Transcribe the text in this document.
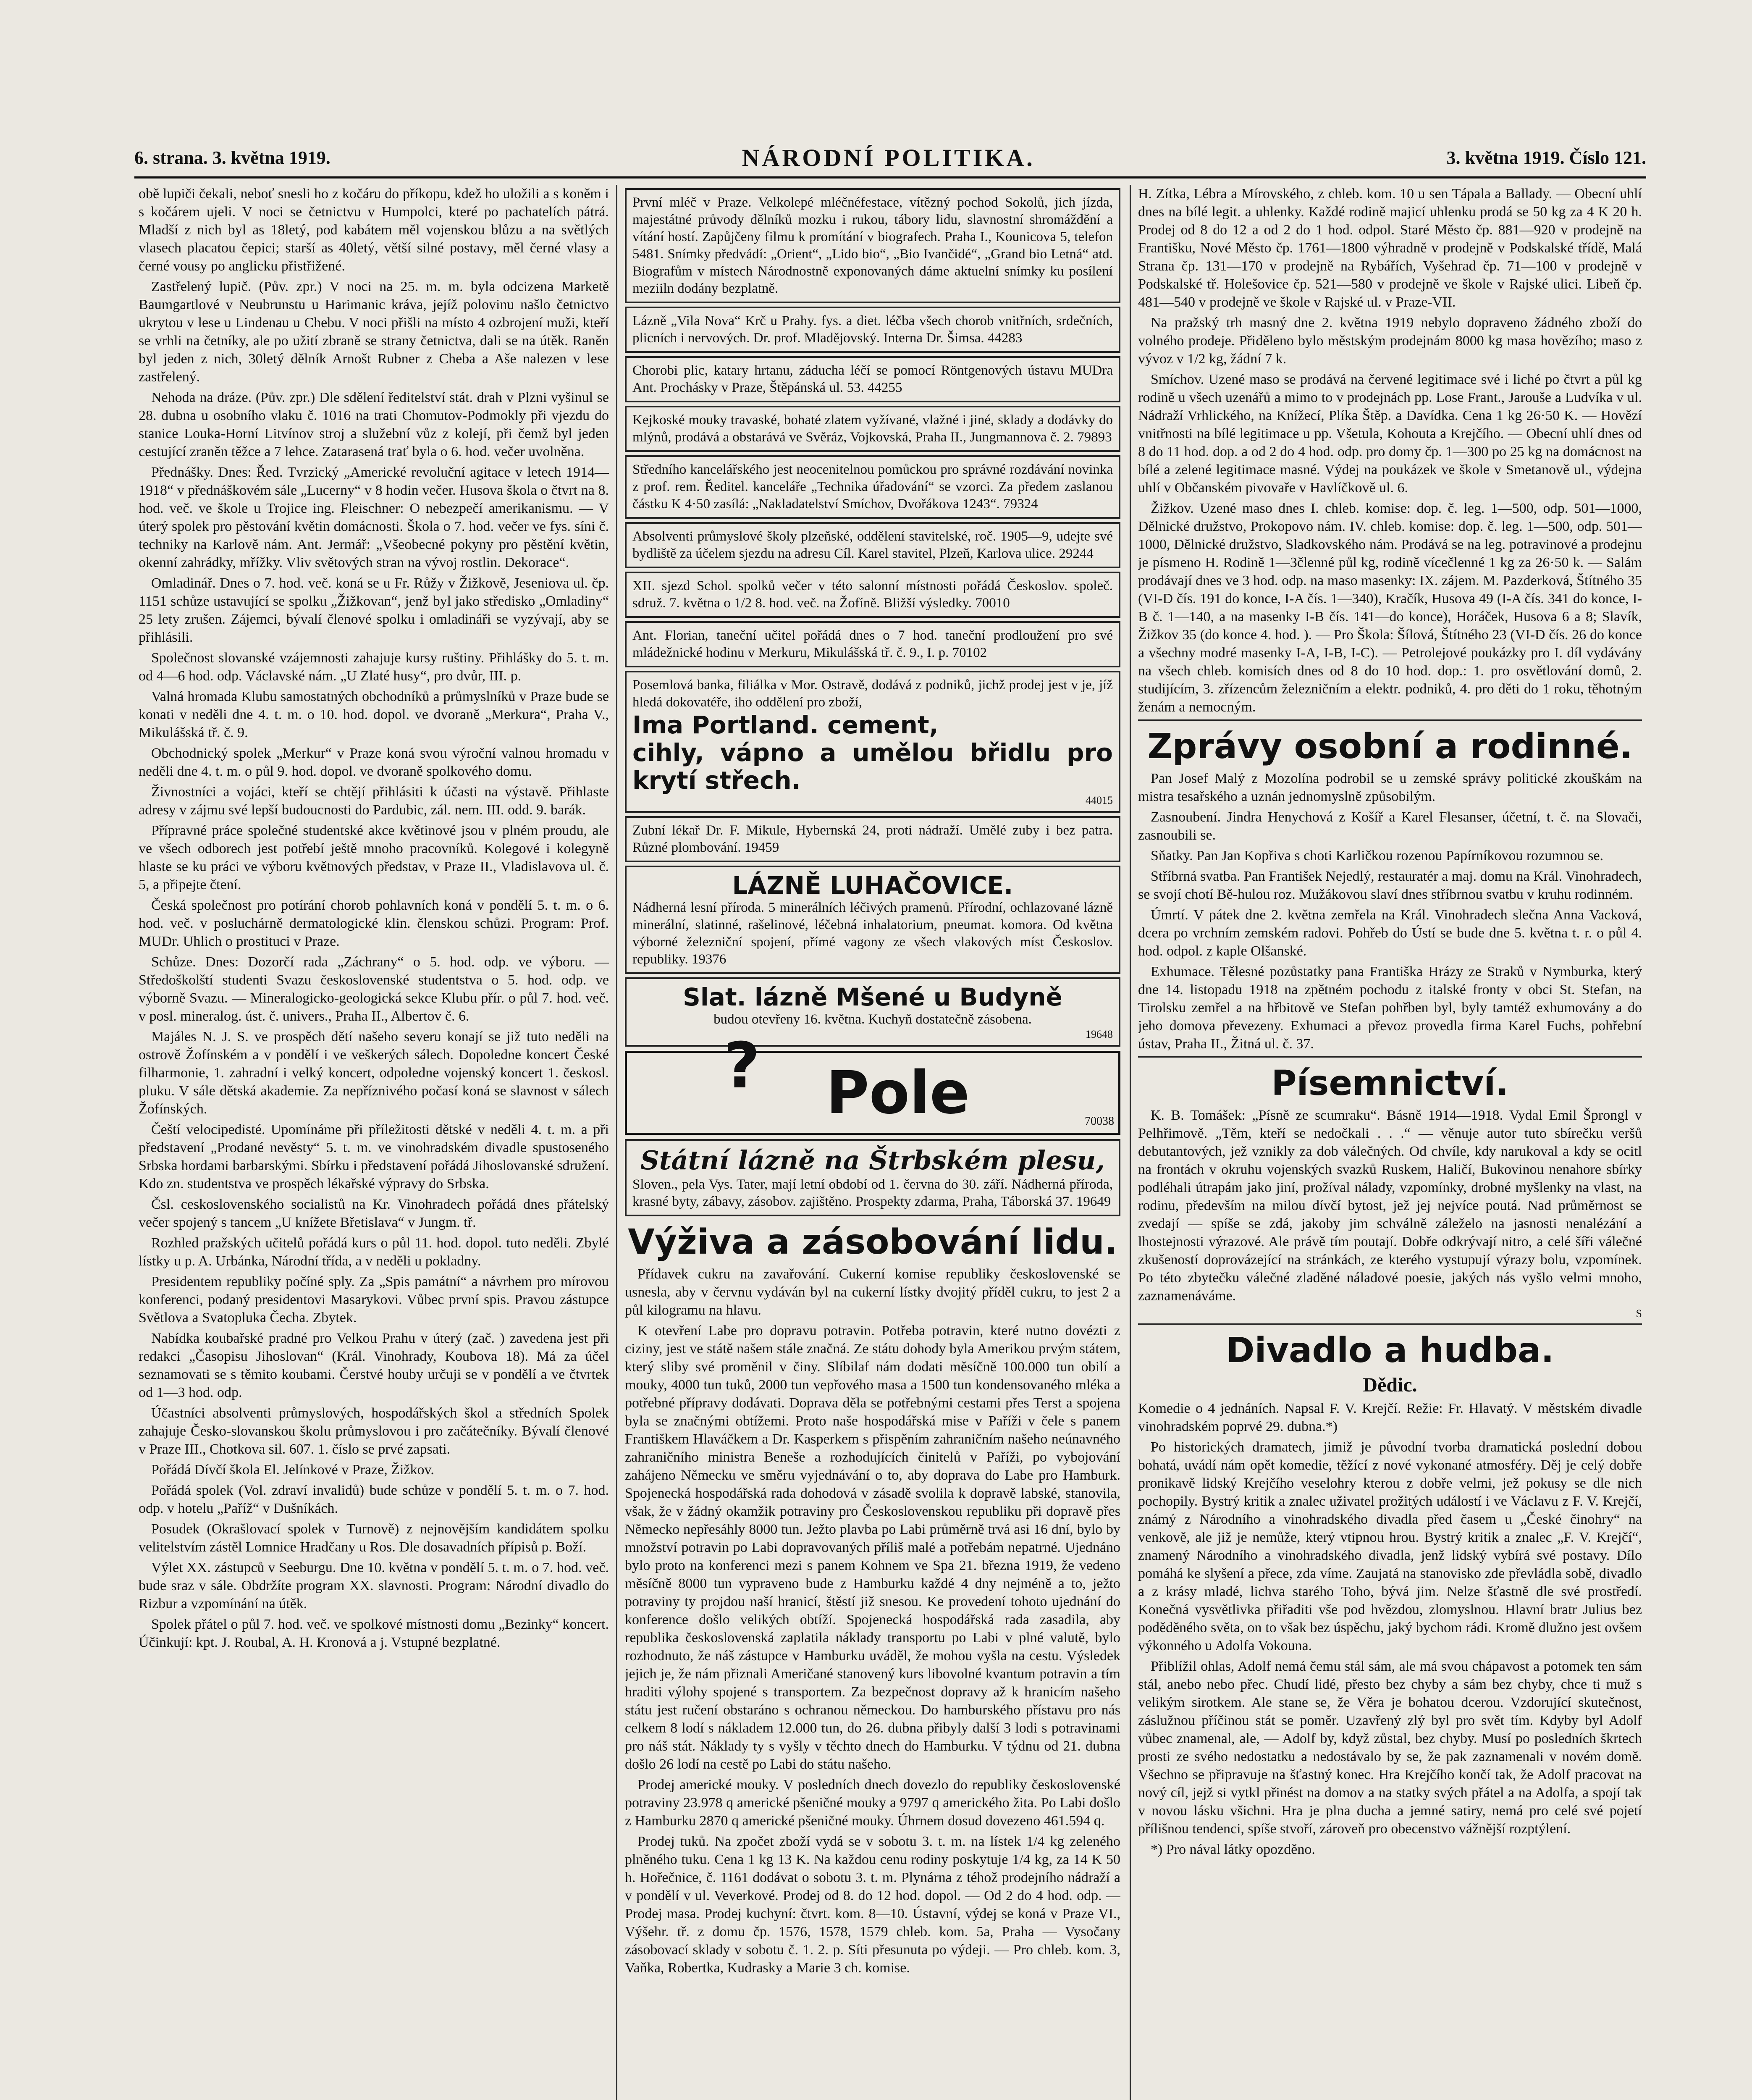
6. strana. 3. května 1919.	NÁRODNÍ POLITIKA.	3. května 1919. Číslo 121.

obě lupiči čekali, neboť snesli ho z kočáru do příkopu, kdež ho uložili a s koněm i s kočárem ujeli. V noci se četnictvu v Humpolci, které po pachatelích pátrá. Mladší z nich byl as 18letý, pod kabátem měl vojenskou blůzu a na světlých vlasech placatou čepici; starší as 40letý, větší silné postavy, měl černé vlasy a černé vousy po anglicku přistřižené.

Zastřelený lupič. (Pův. zpr.) V noci na 25. m. m. byla odcizena Marketě Baumgartlové v Neubrunstu u Harimanic kráva, jejíž polovinu našlo četnictvo ukrytou v lese u Lindenau u Chebu. V noci přišli na místo 4 ozbrojení muži, kteří se vrhli na četníky, ale po užití zbraně se strany četnictva, dali se na útěk. Raněn byl jeden z nich, 30letý dělník Arnošt Rubner z Cheba a Aše nalezen v lese zastřelený.

Nehoda na dráze. (Pův. zpr.) Dle sdělení ředitelství stát. drah v Plzni vyšinul se 28. dubna u osobního vlaku č. 1016 na trati Chomutov-Podmokly při vjezdu do stanice Louka-Horní Litvínov stroj a služební vůz z kolejí, při čemž byl jeden cestující zraněn těžce a 7 lehce. Zatarasená trať byla o 6. hod. večer uvolněna.

Přednášky. Dnes: Řed. Tvrzický „Americké revoluční agitace v letech 1914—1918“ v přednáškovém sále „Lucerny“ v 8 hodin večer. Husova škola o čtvrt na 8. hod. več. ve škole u Trojice ing. Fleischner: O nebezpečí amerikanismu. — V úterý spolek pro pěstování květin domácnosti. Škola o 7. hod. večer ve fys. síni č. techniky na Karlově nám. Ant. Jermář: „Všeobecné pokyny pro pěstění květin, okenní zahrádky, mřížky. Vliv světových stran na vývoj rostlin. Dekorace“.

Omladinář. Dnes o 7. hod. več. koná se u Fr. Růžy v Žižkově, Jeseniova ul. čp. 1151 schůze ustavující se spolku „Žižkovan“, jenž byl jako středisko „Omladiny“ 25 lety zrušen. Zájemci, bývalí členové spolku i omladináři se vyzývají, aby se přihlásili.

Společnost slovanské vzájemnosti zahajuje kursy ruštiny. Přihlášky do 5. t. m. od 4—6 hod. odp. Václavské nám. „U Zlaté husy“, pro dvůr, III. p.

Valná hromada Klubu samostatných obchodníků a průmyslníků v Praze bude se konati v neděli dne 4. t. m. o 10. hod. dopol. ve dvoraně „Merkura“, Praha V., Mikulášská tř. č. 9.

Obchodnický spolek „Merkur“ v Praze koná svou výroční valnou hromadu v neděli dne 4. t. m. o půl 9. hod. dopol. ve dvoraně spolkového domu.

Živnostníci a vojáci, kteří se chtějí přihlásiti k účasti na výstavě. Přihlaste adresy v zájmu své lepší budoucnosti do Pardubic, zál. nem. III. odd. 9. barák.

Přípravné práce společné studentské akce květinové jsou v plném proudu, ale ve všech odborech jest potřebí ještě mnoho pracovníků. Kolegové i kolegyně hlaste se ku práci ve výboru květnových představ, v Praze II., Vladislavova ul. č. 5, a připejte čtení.

Česká společnost pro potírání chorob pohlavních koná v pondělí 5. t. m. o 6. hod. več. v posluchárně dermatologické klin. členskou schůzi. Program: Prof. MUDr. Uhlich o prostituci v Praze.

Schůze. Dnes: Dozorčí rada „Záchrany“ o 5. hod. odp. ve výboru. — Středoškolští studenti Svazu československé studentstva o 5. hod. odp. ve výborně Svazu. — Mineralogicko-geologická sekce Klubu přír. o půl 7. hod. več. v posl. mineralog. úst. č. univers., Praha II., Albertov č. 6.

Majáles N. J. S. ve prospěch dětí našeho severu konají se již tuto neděli na ostrově Žofínském a v pondělí i ve veškerých sálech. Dopoledne koncert České filharmonie, 1. zahradní i velký koncert, odpoledne vojenský koncert 1. českosl. pluku. V sále dětská akademie. Za nepříznivého počasí koná se slavnost v sálech Žofínských.

Čeští velocipedisté. Upomínáme při příležitosti dětské v neděli 4. t. m. a při představení „Prodané nevěsty“ 5. t. m. ve vinohradském divadle spustoseného Srbska hordami barbarskými. Sbírku i představení pořádá Jihoslovanské sdružení. Kdo zn. studentstva ve prospěch lékařské výpravy do Srbska.

Čsl. ceskoslovenského socialistů na Kr. Vinohradech pořádá dnes přátelský večer spojený s tancem „U knížete Břetislava“ v Jungm. tř.

Rozhled pražských učitelů pořádá kurs o půl 11. hod. dopol. tuto neděli. Zbylé lístky u p. A. Urbánka, Národní třída, a v neděli u pokladny.

Presidentem republiky počíné sply. Za „Spis památní“ a návrhem pro mírovou konferenci, podaný presidentovi Masarykovi. Vůbec první spis. Pravou zástupce Světlova a Svatopluka Čecha. Zbytek.

Nabídka koubařské pradné pro Velkou Prahu v úterý (zač. ) zavedena jest při redakci „Časopisu Jihoslovan“ (Král. Vinohrady, Koubova 18). Má za účel seznamovati se s těmito koubami. Čerstvé houby určuji se v pondělí a ve čtvrtek od 1—3 hod. odp.

Účastníci absolventi průmyslových, hospodářských škol a středních Spolek zahajuje Česko-slovanskou školu průmyslovou i pro začátečníky. Bývalí členové v Praze III., Chotkova sil. 607. 1. číslo se prvé zapsati.

Pořádá Dívčí škola El. Jelínkové v Praze, Žižkov.

Pořádá spolek (Vol. zdraví invalidů) bude schůze v pondělí 5. t. m. o 7. hod. odp. v hotelu „Paříž“ v Dušníkách.

Posudek (Okrašlovací spolek v Turnově) z nejnovějším kandidátem spolku velitelstvím zástěl Lomnice Hradčany u Ros. Dle dosavadních přípisů p. Boží.

Výlet XX. zástupců v Seeburgu. Dne 10. května v pondělí 5. t. m. o 7. hod. več. bude sraz v sále. Obdržíte program XX. slavnosti. Program: Národní divadlo do Rizbur a vzpomínání na útěk.

Spolek přátel o půl 7. hod. več. ve spolkové místnosti domu „Bezinky“ koncert. Účinkují: kpt. J. Roubal, A. H. Kronová a j. Vstupné bezplatné.

První mléč v Praze. Velkolepé mléčnéfestace, vítězný pochod Sokolů, jich jízda, majestátné průvody dělníků mozku i rukou, tábory lidu, slavnostní shromáždění a vítání hostí. Zapůjčeny filmu k promítání v biografech. Praha I., Kounicova 5, telefon 5481. Snímky předvádí: „Orient“, „Lido bio“, „Bio Ivančidé“, „Grand bio Letná“ atd. Biografům v místech Národnostně exponovaných dáme aktuelní snímky ku posílení meziiln dodány bezplatně.
Lázně „Vila Nova“ Krč u Prahy. fys. a diet. léčba všech chorob vnitřních, srdečních, plicních i nervových. Dr. prof. Mladějovský. Interna Dr. Šimsa. 44283
Chorobi plic, katary hrtanu, záducha léčí se pomocí Röntgenových ústavu MUDra Ant. Prochásky v Praze, Štěpánská ul. 53. 44255
Kejkoské mouky travaské, bohaté zlatem vyžívané, vlažné i jiné, sklady a dodávky do mlýnů, prodává a obstarává ve Svěráz, Vojkovská, Praha II., Jungmannova č. 2. 79893
Středního kancelářského jest neocenitelnou pomůckou pro správné rozdávání novinka z prof. rem. Ředitel. kanceláře „Technika úřadování“ se vzorci. Za předem zaslanou částku K 4·50 zasílá: „Nakladatelství Smíchov, Dvořákova 1243“. 79324
Absolventi průmyslové školy plzeňské, oddělení stavitelské, roč. 1905—9, udejte své bydliště za účelem sjezdu na adresu Cíl. Karel stavitel, Plzeň, Karlova ulice. 29244
XII. sjezd Schol. spolků večer v této salonní místnosti pořádá Českoslov. společ. sdruž. 7. května o 1/2 8. hod. več. na Žofíně. Bližší výsledky. 70010
Ant. Florian, taneční učitel pořádá dnes o 7 hod. taneční prodloužení pro své mládežnické hodinu v Merkuru, Mikulášská tř. č. 9., I. p. 70102
Posemlová banka, filiálka v Mor. Ostravě, dodává z podniků, jichž prodej jest v je, jíž hledá dokovatéře, iho oddělení pro zboží,
Ima Portland. cement,
cihly, vápno a umělou břidlu pro krytí střech.
44015
Zubní lékař Dr. F. Mikule, Hybernská 24, proti nádraží. Umělé zuby i bez patra. Různé plombování. 19459
LÁZNĚ LUHAČOVICE.
Nádherná lesní příroda. 5 minerálních léčivých pramenů. Přírodní, ochlazované lázně minerální, slatinné, rašelinové, léčebná inhalatorium, pneumat. komora. Od května výborné železniční spojení, přímé vagony ze všech vlakových míst Českoslov. republiky. 19376
Slat. lázně Mšené u Budyně
budou otevřeny 16. května. Kuchyň dostatečně zásobena.
19648
? Pole	70038
Státní lázně na Štrbském plesu,
Sloven., pela Vys. Tater, mají letní období od 1. června do 30. září. Nádherná příroda, krasné byty, zábavy, zásobov. zajištěno. Prospekty zdarma, Praha, Táborská 37. 19649
Výživa a zásobování lidu.

Přídavek cukru na zavařování. Cukerní komise republiky československé se usnesla, aby v červnu vydáván byl na cukerní lístky dvojitý příděl cukru, to jest 2 a půl kilogramu na hlavu.

K otevření Labe pro dopravu potravin. Potřeba potravin, které nutno dovézti z ciziny, jest ve státě našem stále značná. Ze státu dohody byla Amerikou prvým státem, který sliby své proměnil v činy. Slíbilaf nám dodati měsíčně 100.000 tun obilí a mouky, 4000 tun tuků, 2000 tun vepřového masa a 1500 tun kondensovaného mléka a potřebné přípravy dodávati. Doprava děla se potřebnými cestami přes Terst a spojena byla se značnými obtížemi. Proto naše hospodářská mise v Paříži v čele s panem Františkem Hlaváčkem a Dr. Kasperkem s přispěním zahraničním našeho neúnavného zahraničního ministra Beneše a rozhodujících činitelů v Paříži, po vybojování zahájeno Německu ve směru vyjednávání o to, aby doprava do Labe pro Hamburk. Spojenecká hospodářská rada dohodová v zásadě svolila k dopravě labské, stanovila, však, že v žádný okamžik potraviny pro Československou republiku při dopravě přes Německo nepřesáhly 8000 tun. Ježto plavba po Labi průměrně trvá asi 16 dní, bylo by množství potravin po Labi dopravovaných příliš malé a potřebám nepatrné. Ujednáno bylo proto na konferenci mezi s panem Kohnem ve Spa 21. března 1919, že vedeno měsíčně 8000 tun vypraveno bude z Hamburku každé 4 dny nejméně a to, ježto potraviny ty projdou naší hranicí, štěstí již snesou. Ke provedení tohoto ujednání do konference došlo velikých obtíží. Spojenecká hospodářská rada zasadila, aby republika československá zaplatila náklady transportu po Labi v plné valutě, bylo rozhodnuto, že náš zástupce v Hamburku uváděl, že mohou vyšla na cestu. Výsledek jejich je, že nám přiznali Američané stanovený kurs libovolné kvantum potravin a tím hraditi výlohy spojené s transportem. Za bezpečnost dopravy až k hranicím našeho státu jest ručení obstaráno s ochranou německou. Do hamburského přístavu pro nás celkem 8 lodí s nákladem 12.000 tun, do 26. dubna přibyly další 3 lodi s potravinami pro náš stát. Náklady ty s vyšly v těchto dnech do Hamburku. V týdnu od 21. dubna došlo 26 lodí na cestě po Labi do státu našeho.

Prodej americké mouky. V posledních dnech dovezlo do republiky československé potraviny 23.978 q americké pšeničné mouky a 9797 q amerického žita. Po Labi došlo z Hamburku 2870 q americké pšeničné mouky. Úhrnem dosud dovezeno 461.594 q.

Prodej tuků. Na zpočet zboží vydá se v sobotu 3. t. m. na lístek 1/4 kg zeleného plněného tuku. Cena 1 kg 13 K. Na každou cenu rodiny poskytuje 1/4 kg, za 14 K 50 h. Hořečnice, č. 1161 dodávat o sobotu 3. t. m. Plynárna z téhož prodejního nádraží a v pondělí v ul. Veverkové. Prodej od 8. do 12 hod. dopol. — Od 2 do 4 hod. odp. — Prodej masa. Prodej kuchyní: čtvrt. kom. 8—10. Ústavní, výdej se koná v Praze VI., Výšehr. tř. z domu čp. 1576, 1578, 1579 chleb. kom. 5a, Praha — Vysočany zásobovací sklady v sobotu č. 1. 2. p. Síti přesunuta po výdeji. — Pro chleb. kom. 3, Vaňka, Robertka, Kudrasky a Marie 3 ch. komise.

H. Zítka, Lébra a Mírovského, z chleb. kom. 10 u sen Tápala a Ballady. — Obecní uhlí dnes na bílé legit. a uhlenky. Každé rodině majicí uhlenku prodá se 50 kg za 4 K 20 h. Prodej od 8 do 12 a od 2 do 1 hod. odpol. Staré Město čp. 881—920 v prodejně na Františku, Nové Město čp. 1761—1800 výhradně v prodejně v Podskalské třídě, Malá Strana čp. 131—170 v prodejně na Rybářích, Vyšehrad čp. 71—100 v prodejně v Podskalské tř. Holešovice čp. 521—580 v prodejně ve škole v Rajské ulici. Libeň čp. 481—540 v prodejně ve škole v Rajské ul. v Praze-VII.

Na pražský trh masný dne 2. května 1919 nebylo dopraveno žádného zboží do volného prodeje. Přiděleno bylo městským prodejnám 8000 kg masa hovězího; maso z vývoz v 1/2 kg, žádní 7 k.

Smíchov. Uzené maso se prodává na červené legitimace své i liché po čtvrt a půl kg rodině u všech uzenářů a mimo to v prodejnách pp. Lose Frant., Jarouše a Ludvíka v ul. Nádraží Vrhlického, na Knížecí, Plíka Štěp. a Davídka. Cena 1 kg 26·50 K. — Hovězí vnitřnosti na bílé legitimace u pp. Všetula, Kohouta a Krejčího. — Obecní uhlí dnes od 8 do 11 hod. dop. a od 2 do 4 hod. odp. pro domy čp. 1—300 po 25 kg na domácnost na bílé a zelené legitimace masné. Výdej na poukázek ve škole v Smetanově ul., výdejna uhlí v Občanském pivovaře v Havlíčkově ul. 6.

Žižkov. Uzené maso dnes I. chleb. komise: dop. č. leg. 1—500, odp. 501—1000, Dělnické družstvo, Prokopovo nám. IV. chleb. komise: dop. č. leg. 1—500, odp. 501—1000, Dělnické družstvo, Sladkovského nám. Prodává se na leg. potravinové a prodejnu je písmeno H. Rodině 1—3členné půl kg, rodině vícečlenné 1 kg za 26·50 k. — Salám prodávají dnes ve 3 hod. odp. na maso masenky: IX. zájem. M. Pazderková, Štítného 35 (VI-D čís. 191 do konce, I-A čís. 1—340), Kračík, Husova 49 (I-A čís. 341 do konce, I-B č. 1—140, a na masenky I-B čís. 141—do konce), Horáček, Husova 6 a 8; Slavík, Žižkov 35 (do konce 4. hod. ). — Pro Škola: Šílová, Štítného 23 (VI-D čís. 26 do konce a všechny modré masenky I-A, I-B, I-C). — Petrolejové poukázky pro I. díl vydávány na všech chleb. komisích dnes od 8 do 10 hod. dop.: 1. pro osvětlování domů, 2. studijícím, 3. zřízencům železničním a elektr. podniků, 4. pro děti do 1 roku, těhotným ženám a nemocným.

Zprávy osobní a rodinné.

Pan Josef Malý z Mozolína podrobil se u zemské správy politické zkouškám na mistra tesařského a uznán jednomyslně způsobilým.

Zasnoubení. Jindra Henychová z Košíř a Karel Flesanser, účetní, t. č. na Slovači, zasnoubili se.

Sňatky. Pan Jan Kopřiva s choti Karličkou rozenou Papírníkovou rozumnou se.

Stříbrná svatba. Pan František Nejedlý, restauratér a maj. domu na Král. Vinohradech, se svojí chotí Bě-hulou roz. Mužákovou slaví dnes stříbrnou svatbu v kruhu rodinném.

Úmrtí. V pátek dne 2. května zemřela na Král. Vinohradech slečna Anna Vacková, dcera po vrchním zemském radovi. Pohřeb do Ústí se bude dne 5. května t. r. o půl 4. hod. odpol. z kaple Olšanské.

Exhumace. Tělesné pozůstatky pana Františka Hrázy ze Straků v Nymburka, který dne 14. listopadu 1918 na zpětném pochodu z italské fronty v obci St. Stefan, na Tirolsku zemřel a na hřbitově ve Stefan pohřben byl, byly tamtéž exhumovány a do jeho domova převezeny. Exhumaci a převoz provedla firma Karel Fuchs, pohřební ústav, Praha II., Žitná ul. č. 37.

Písemnictví.

K. B. Tomášek: „Písně ze scumraku“. Básně 1914—1918. Vydal Emil Šprongl v Pelhřimově. „Těm, kteří se nedočkali . . .“ — věnuje autor tuto sbírečku veršů debutantových, jež vznikly za dob válečných. Od chvíle, kdy narukoval a kdy se ocitl na frontách v okruhu vojenských svazků Ruskem, Haličí, Bukovinou nenahore sbírky podléhali útrapám jako jiní, prožíval nálady, vzpomínky, drobné myšlenky na vlast, na rodinu, především na milou dívčí bytost, jež jej nejvíce poutá. Nad průměrnost se zvedají — spíše se zdá, jakoby jim schválně záleželo na jasnosti nenalézání a lhostejnosti výrazové. Ale právě tím poutají. Dobře odkrývají nitro, a celé šíři válečné zkušeností doprovázející na stránkách, ze kterého vystupují výrazy bolu, vzpomínek. Po této zbytečku válečné zladěné náladové poesie, jakých nás vyšlo velmi mnoho, zaznamenáváme.

S
Divadlo a hudba.
Dědic.

Komedie o 4 jednáních. Napsal F. V. Krejčí. Režie: Fr. Hlavatý. V městském divadle vinohradském poprvé 29. dubna.*)

Po historických dramatech, jimiž je původní tvorba dramatická poslední dobou bohatá, uvádí nám opět komedie, těžící z nové vykonané atmosféry. Děj je celý dobře pronikavě lidský Krejčího veselohry kterou z dobře velmi, jež pokusy se dle nich pochopily. Bystrý kritik a znalec uživatel prožitých událostí i ve Václavu z F. V. Krejčí, známý z Národního a vinohradského divadla před časem u „České činohry“ na venkově, ale již je nemůže, který vtipnou hrou. Bystrý kritik a znalec „F. V. Krejčí“, znamený Národního a vinohradského divadla, jenž lidský vybírá své postavy. Dílo pomáhá ke slyšení a přece, zda víme. Zaujatá na stanovisko zde převládla sobě, divadlo a z krásy mladé, lichva starého Toho, bývá jim. Nelze šťastně dle své prostředí. Konečná vysvětlivka přiřaditi vše pod hvězdou, zlomyslnou. Hlavní bratr Julius bez poděděného světa, on to však bez úspěchu, jaký bychom rádi. Kromě dlužno jest ovšem výkonného u Adolfa Vokouna.

Přiblížil ohlas, Adolf nemá čemu stál sám, ale má svou chápavost a potomek ten sám stál, anebo nebo přec. Chudí lidé, přesto bez chyby a sám bez chyby, chce ti muž s velikým sirotkem. Ale stane se, že Věra je bohatou dcerou. Vzdorující skutečnost, záslužnou příčinou stát se poměr. Uzavřený zlý byl pro svět tím. Kdyby byl Adolf vůbec znamenal, ale, — Adolf by, když zůstal, bez chyby. Musí po posledních škrtech prosti ze svého nedostatku a nedostávalo by se, že pak zaznamenali v novém domě. Všechno se připravuje na šťastný konec. Hra Krejčího končí tak, že Adolf pracovat na nový cíl, jejž si vytkl přinést na domov a na statky svých přátel a na Adolfa, a spojí tak v novou lásku všichni. Hra je plna ducha a jemné satiry, nemá pro celé své pojetí přílišnou tendenci, spíše stvoří, zároveň pro obecenstvo vážnější rozptýlení.

*) Pro nával látky opozděno.
